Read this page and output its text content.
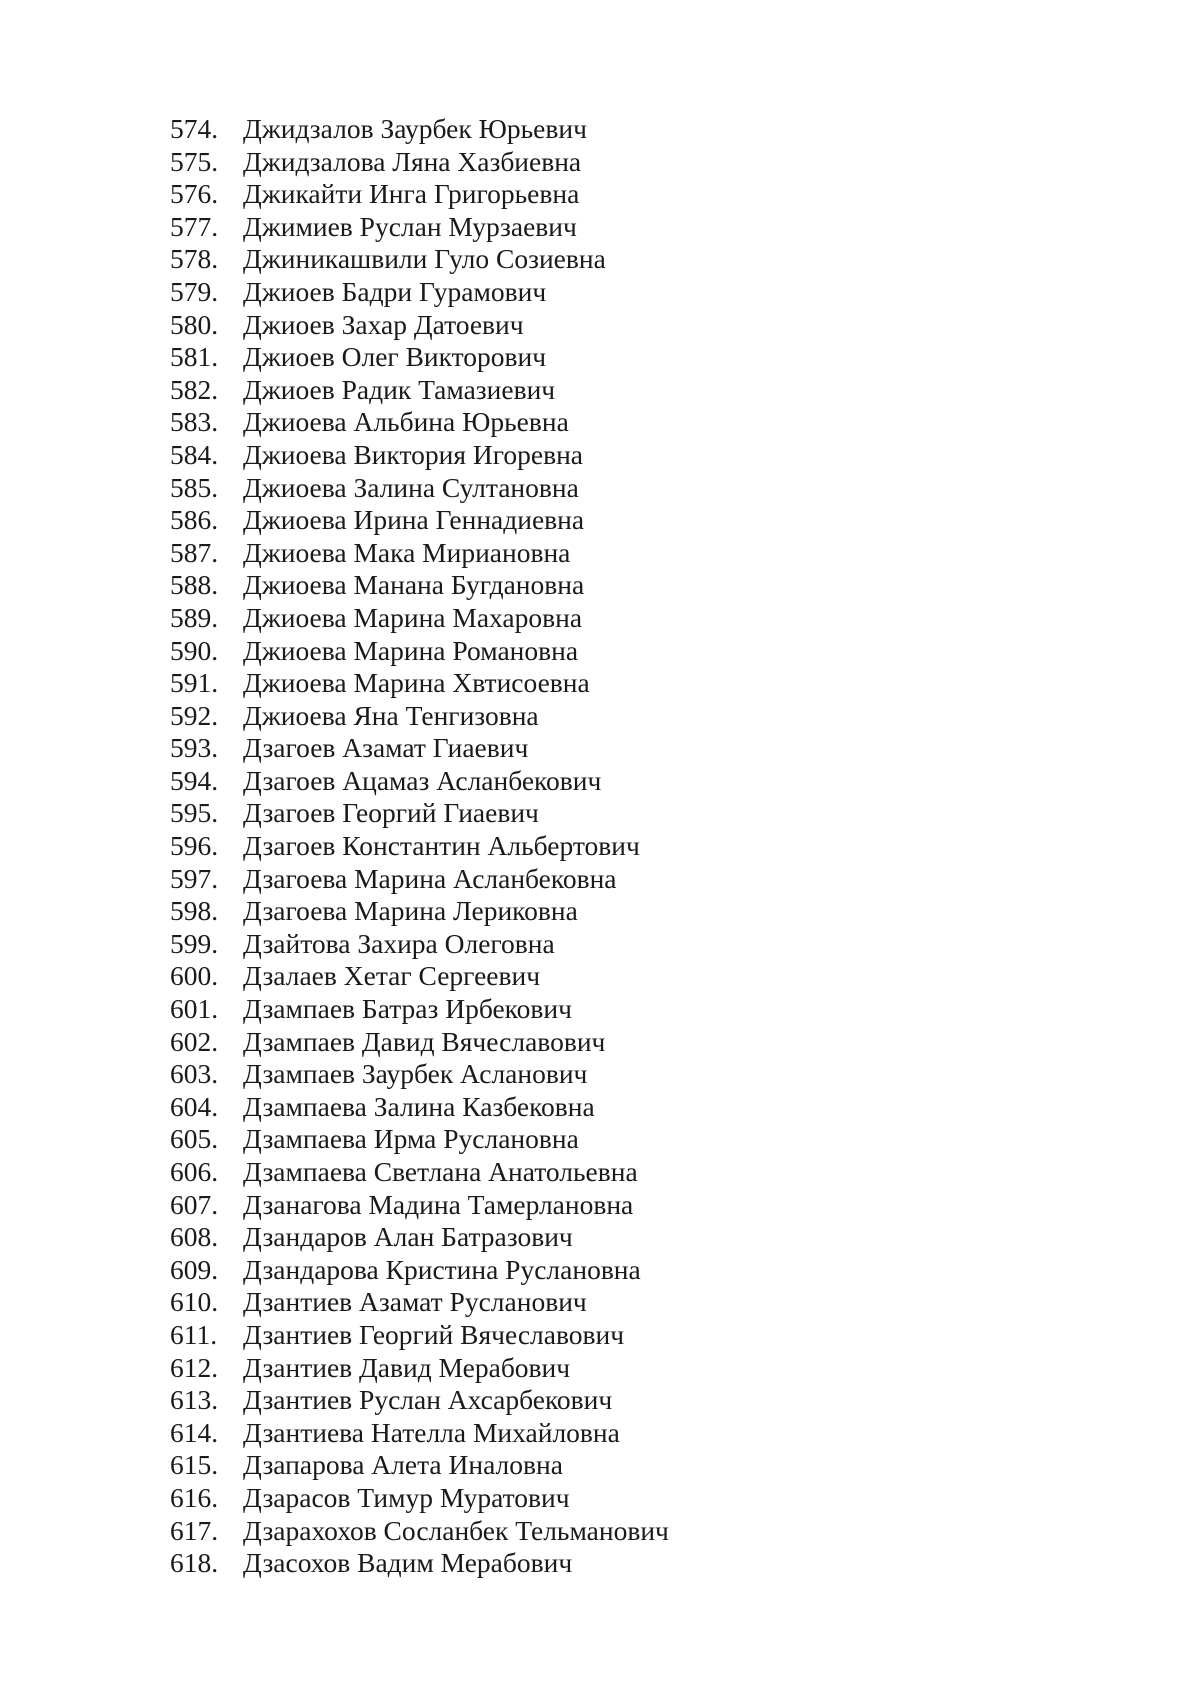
574. Джидзалов Заурбек Юрьевич
575. Джидзалова Ляна Хазбиевна
576. Джикайти Инга Григорьевна
577. Джимиев Руслан Мурзаевич
578. Джиникашвили Гуло Созиевна
579. Джиоев Бадри Гурамович
580. Джиоев Захар Датоевич
581. Джиоев Олег Викторович
582. Джиоев Радик Тамазиевич
583. Джиоева Альбина Юрьевна
584. Джиоева Виктория Игоревна
585. Джиоева Залина Султановна
586. Джиоева Ирина Геннадиевна
587. Джиоева Мака Мириановна
588. Джиоева Манана Бугдановна
589. Джиоева Марина Махаровна
590. Джиоева Марина Романовна
591. Джиоева Марина Хвтисоевна
592. Джиоева Яна Тенгизовна
593. Дзагоев Азамат Гиаевич
594. Дзагоев Ацамаз Асланбекович
595. Дзагоев Георгий Гиаевич
596. Дзагоев Константин Альбертович
597. Дзагоева Марина Асланбековна
598. Дзагоева Марина Лериковна
599. Дзайтова Захира Олеговна
600. Дзалаев Хетаг Сергеевич
601. Дзампаев Батраз Ирбекович
602. Дзампаев Давид Вячеславович
603. Дзампаев Заурбек Асланович
604. Дзампаева Залина Казбековна
605. Дзампаева Ирма Руслановна
606. Дзампаева Светлана Анатольевна
607. Дзанагова Мадина Тамерлановна
608. Дзандаров Алан Батразович
609. Дзандарова Кристина Руслановна
610. Дзантиев Азамат Русланович
611. Дзантиев Георгий Вячеславович
612. Дзантиев Давид Мерабович
613. Дзантиев Руслан Ахсарбекович
614. Дзантиева Нателла Михайловна
615. Дзапарова Алета Иналовна
616. Дзарасов Тимур Муратович
617. Дзарахохов Сосланбек Тельманович
618. Дзасохов Вадим Мерабович
